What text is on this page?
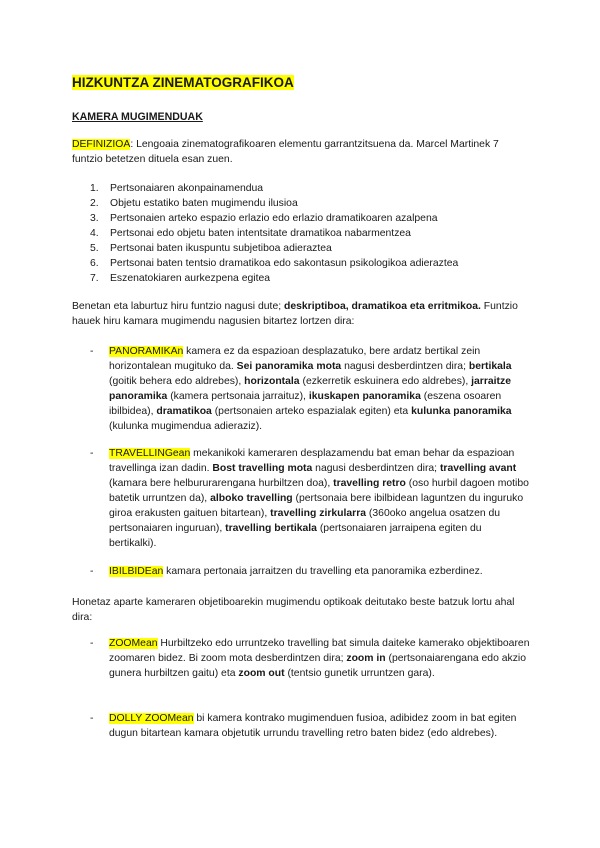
HIZKUNTZA ZINEMATOGRAFIKOA
KAMERA MUGIMENDUAK

DEFINIZIOA: Lengoaia zinematografikoaren elementu garrantzitsuena da. Marcel Martinek 7 funtzio betetzen dituela esan zuen.

1. Pertsonaiaren akonpainamendua
2. Objetu estatiko baten mugimendu ilusioa
3. Pertsonaien arteko espazio erlazio edo erlazio dramatikoaren azalpena
4. Pertsonai edo objetu baten intentsitate dramatikoa nabarmentzea
5. Pertsonai baten ikuspuntu subjetiboa adieraztea
6. Pertsonai baten tentsio dramatikoa edo sakontasun psikologikoa adieraztea
7. Eszenatokiaren aurkezpena egitea

Benetan eta laburtuz hiru funtzio nagusi dute; deskriptiboa, dramatikoa eta erritmikoa. Funtzio hauek hiru kamara mugimendu nagusien bitartez lortzen dira:

- PANORAMIKAn kamera ez da espazioan desplazatuko, bere ardatz bertikal zein horizontalean mugituko da. Sei panoramika mota nagusi desberdintzen dira; bertikala (goitik behera edo aldrebes), horizontala (ezkerretik eskuinera edo aldrebes), jarraitze panoramika (kamera pertsonaia jarraituz), ikuskapen panoramika (eszena osoaren ibilbidea), dramatikoa (pertsonaien arteko espazialak egiten) eta kulunka panoramika (kulunka mugimendua adieraziz).
- TRAVELLINGean mekanikoki kameraren desplazamendu bat eman behar da espazioan travellinga izan dadin. Bost travelling mota nagusi desberdintzen dira; travelling avant (kamara bere helbururarengana hurbiltzen doa), travelling retro (oso hurbil dagoen motibo batetik urruntzen da), alboko travelling (pertsonaia bere ibilbidean laguntzen du inguruko giroa erakusten gaituen bitartean), travelling zirkularra (360oko angelua osatzen du pertsonaiaren inguruan), travelling bertikala (pertsonaiaren jarraipena egiten du bertikalki).
- IBILBIDEan kamara pertonaia jarraitzen du travelling eta panoramika ezberdinez.

Honetaz aparte kameraren objetiboarekin mugimendu optikoak deitutako beste batzuk lortu ahal dira:

- ZOOMean Hurbiltzeko edo urruntzeko travelling bat simula daiteke kamerako objektiboaren zoomaren bidez. Bi zoom mota desberdintzen dira; zoom in (pertsonaiarengana edo akzio gunera hurbiltzen gaitu) eta zoom out (tentsio gunetik urruntzen gara).
- DOLLY ZOOMean bi kamera kontrako mugimenduen fusioa, adibidez zoom in bat egiten dugun bitartean kamara objetutik urrundu travelling retro baten bidez (edo aldrebes).
